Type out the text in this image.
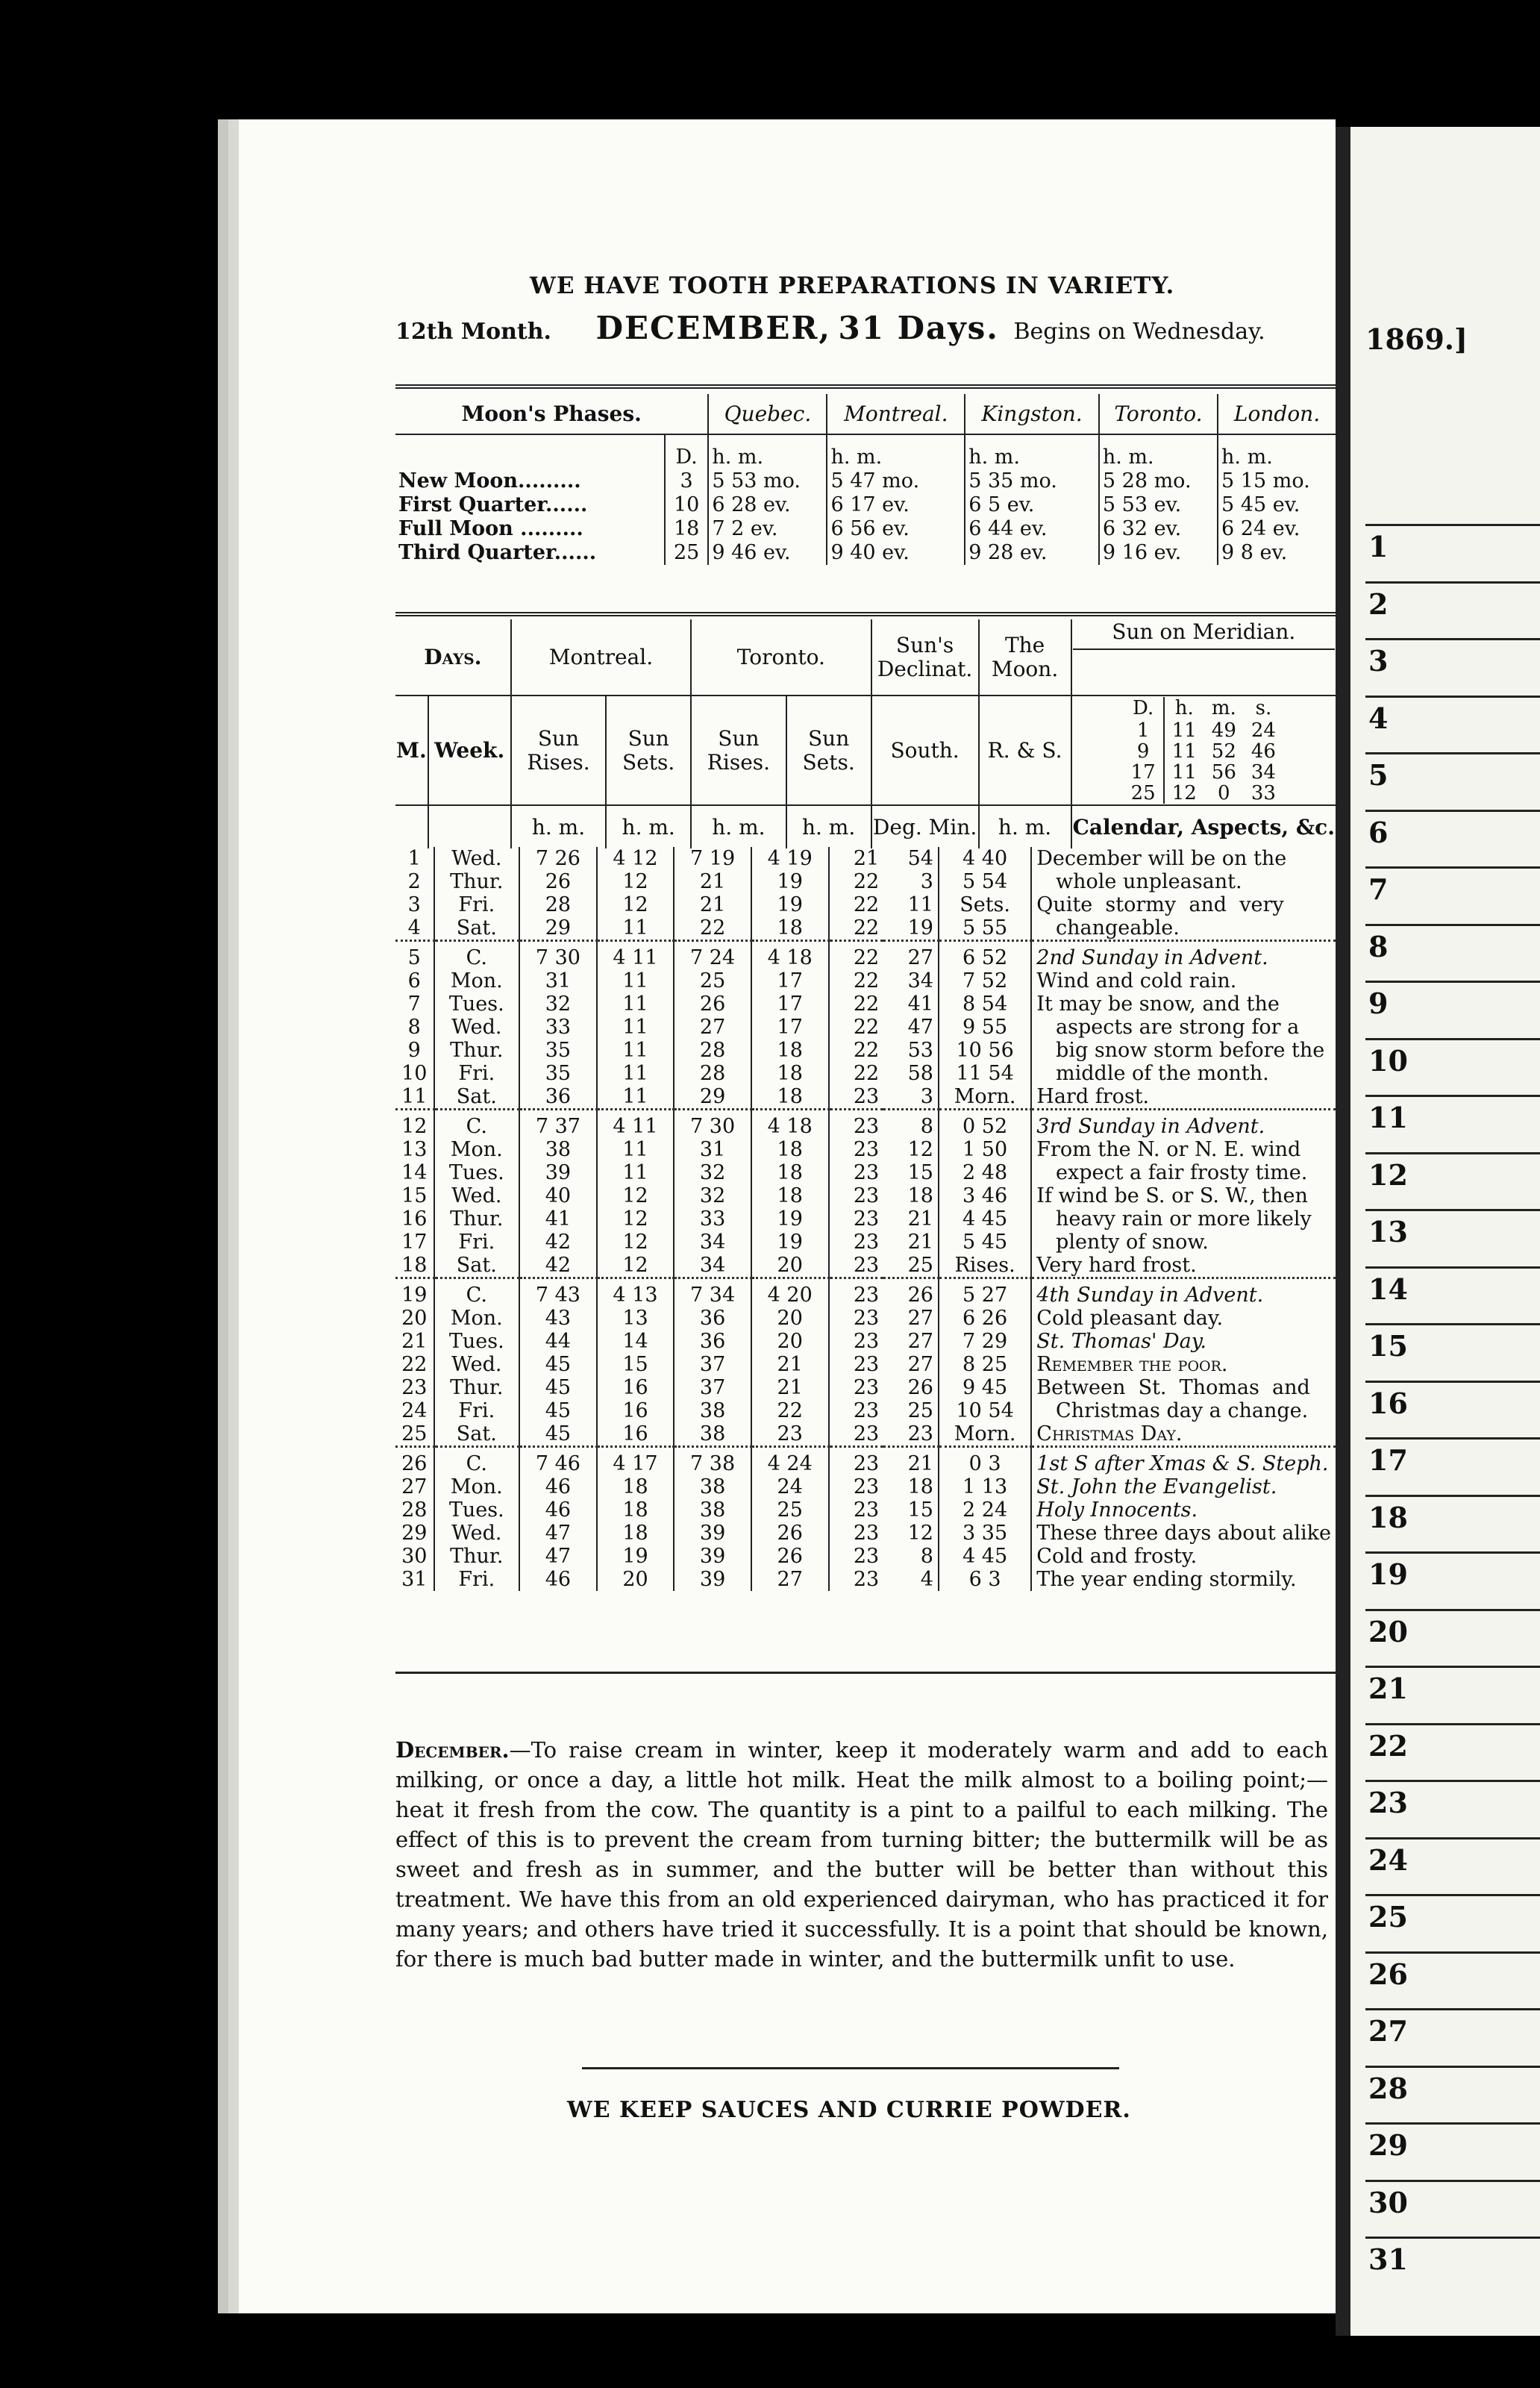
WE HAVE TOOTH PREPARATIONS IN VARIETY.
12th Month. DECEMBER, 31 Days. Begins on Wednesday.
Moon's Phases.		Quebec.	Montreal.	Kingston.	Toronto.	London.
	D.	h. m.	h. m.	h. m.	h. m.	h. m.
New Moon.........	3	5 53 mo.	5 47 mo.	5 35 mo.	5 28 mo.	5 15 mo.
First Quarter......	10	6 28 ev.	6 17 ev.	6 5 ev.	5 53 ev.	5 45 ev.
Full Moon .........	18	7 2 ev.	6 56 ev.	6 44 ev.	6 32 ev.	6 24 ev.
Third Quarter......	25	9 46 ev.	9 40 ev.	9 28 ev.	9 16 ev.	9 8 ev.
Days.	Montreal.	Toronto.	Sun's Declinat.	The Moon.	
Sun on Meridian.

M.	Week.	Sun Rises.	Sun Sets.	Sun Rises.	Sun Sets.	South.	R. & S.	
D.	h.	m.	s.
1	11	49	24
9	11	52	46
17	11	56	34
25	12	0	33

		h. m.	h. m.	h. m.	h. m.	Deg. Min.	h. m.	Calendar, Aspects, &c.
1	Wed.	7 26	4 12	7 19	4 19	21	54	4 40	December will be on the
2	Thur.	26	12	21	19	22	3	5 54	whole unpleasant.
3	Fri.	28	12	21	19	22	11	Sets.	Quite  stormy  and  very
4	Sat.	29	11	22	18	22	19	5 55	changeable.
5	C.	7 30	4 11	7 24	4 18	22	27	6 52	2nd Sunday in Advent.
6	Mon.	31	11	25	17	22	34	7 52	Wind and cold rain.
7	Tues.	32	11	26	17	22	41	8 54	It may be snow, and the
8	Wed.	33	11	27	17	22	47	9 55	aspects are strong for a
9	Thur.	35	11	28	18	22	53	10 56	big snow storm before the
10	Fri.	35	11	28	18	22	58	11 54	middle of the month.
11	Sat.	36	11	29	18	23	3	Morn.	Hard frost.
12	C.	7 37	4 11	7 30	4 18	23	8	0 52	3rd Sunday in Advent.
13	Mon.	38	11	31	18	23	12	1 50	From the N. or N. E. wind
14	Tues.	39	11	32	18	23	15	2 48	expect a fair frosty time.
15	Wed.	40	12	32	18	23	18	3 46	If wind be S. or S. W., then
16	Thur.	41	12	33	19	23	21	4 45	heavy rain or more likely
17	Fri.	42	12	34	19	23	21	5 45	plenty of snow.
18	Sat.	42	12	34	20	23	25	Rises.	Very hard frost.
19	C.	7 43	4 13	7 34	4 20	23	26	5 27	4th Sunday in Advent.
20	Mon.	43	13	36	20	23	27	6 26	Cold pleasant day.
21	Tues.	44	14	36	20	23	27	7 29	St. Thomas' Day.
22	Wed.	45	15	37	21	23	27	8 25	Remember the poor.
23	Thur.	45	16	37	21	23	26	9 45	Between  St.  Thomas  and
24	Fri.	45	16	38	22	23	25	10 54	Christmas day a change.
25	Sat.	45	16	38	23	23	23	Morn.	Christmas Day.
26	C.	7 46	4 17	7 38	4 24	23	21	0 3	1st S after Xmas & S. Steph.
27	Mon.	46	18	38	24	23	18	1 13	St. John the Evangelist.
28	Tues.	46	18	38	25	23	15	2 24	Holy Innocents.
29	Wed.	47	18	39	26	23	12	3 35	These three days about alike
30	Thur.	47	19	39	26	23	8	4 45	Cold and frosty.
31	Fri.	46	20	39	27	23	4	6 3	The year ending stormily.
December.—To raise cream in winter, keep it moderately warm and add to each milking, or once a day, a little hot milk. Heat the milk almost to a boiling point;—heat it fresh from the cow. The quantity is a pint to a pailful to each milking. The effect of this is to prevent the cream from turning bitter; the buttermilk will be as sweet and fresh as in summer, and the butter will be better than without this treatment. We have this from an old experienced dairyman, who has practiced it for many years; and others have tried it successfully. It is a point that should be known, for there is much bad butter made in winter, and the buttermilk unfit to use.
WE KEEP SAUCES AND CURRIE POWDER.
1869.]
1
2
3
4
5
6
7
8
9
10
11
12
13
14
15
16
17
18
19
20
21
22
23
24
25
26
27
28
29
30
31
